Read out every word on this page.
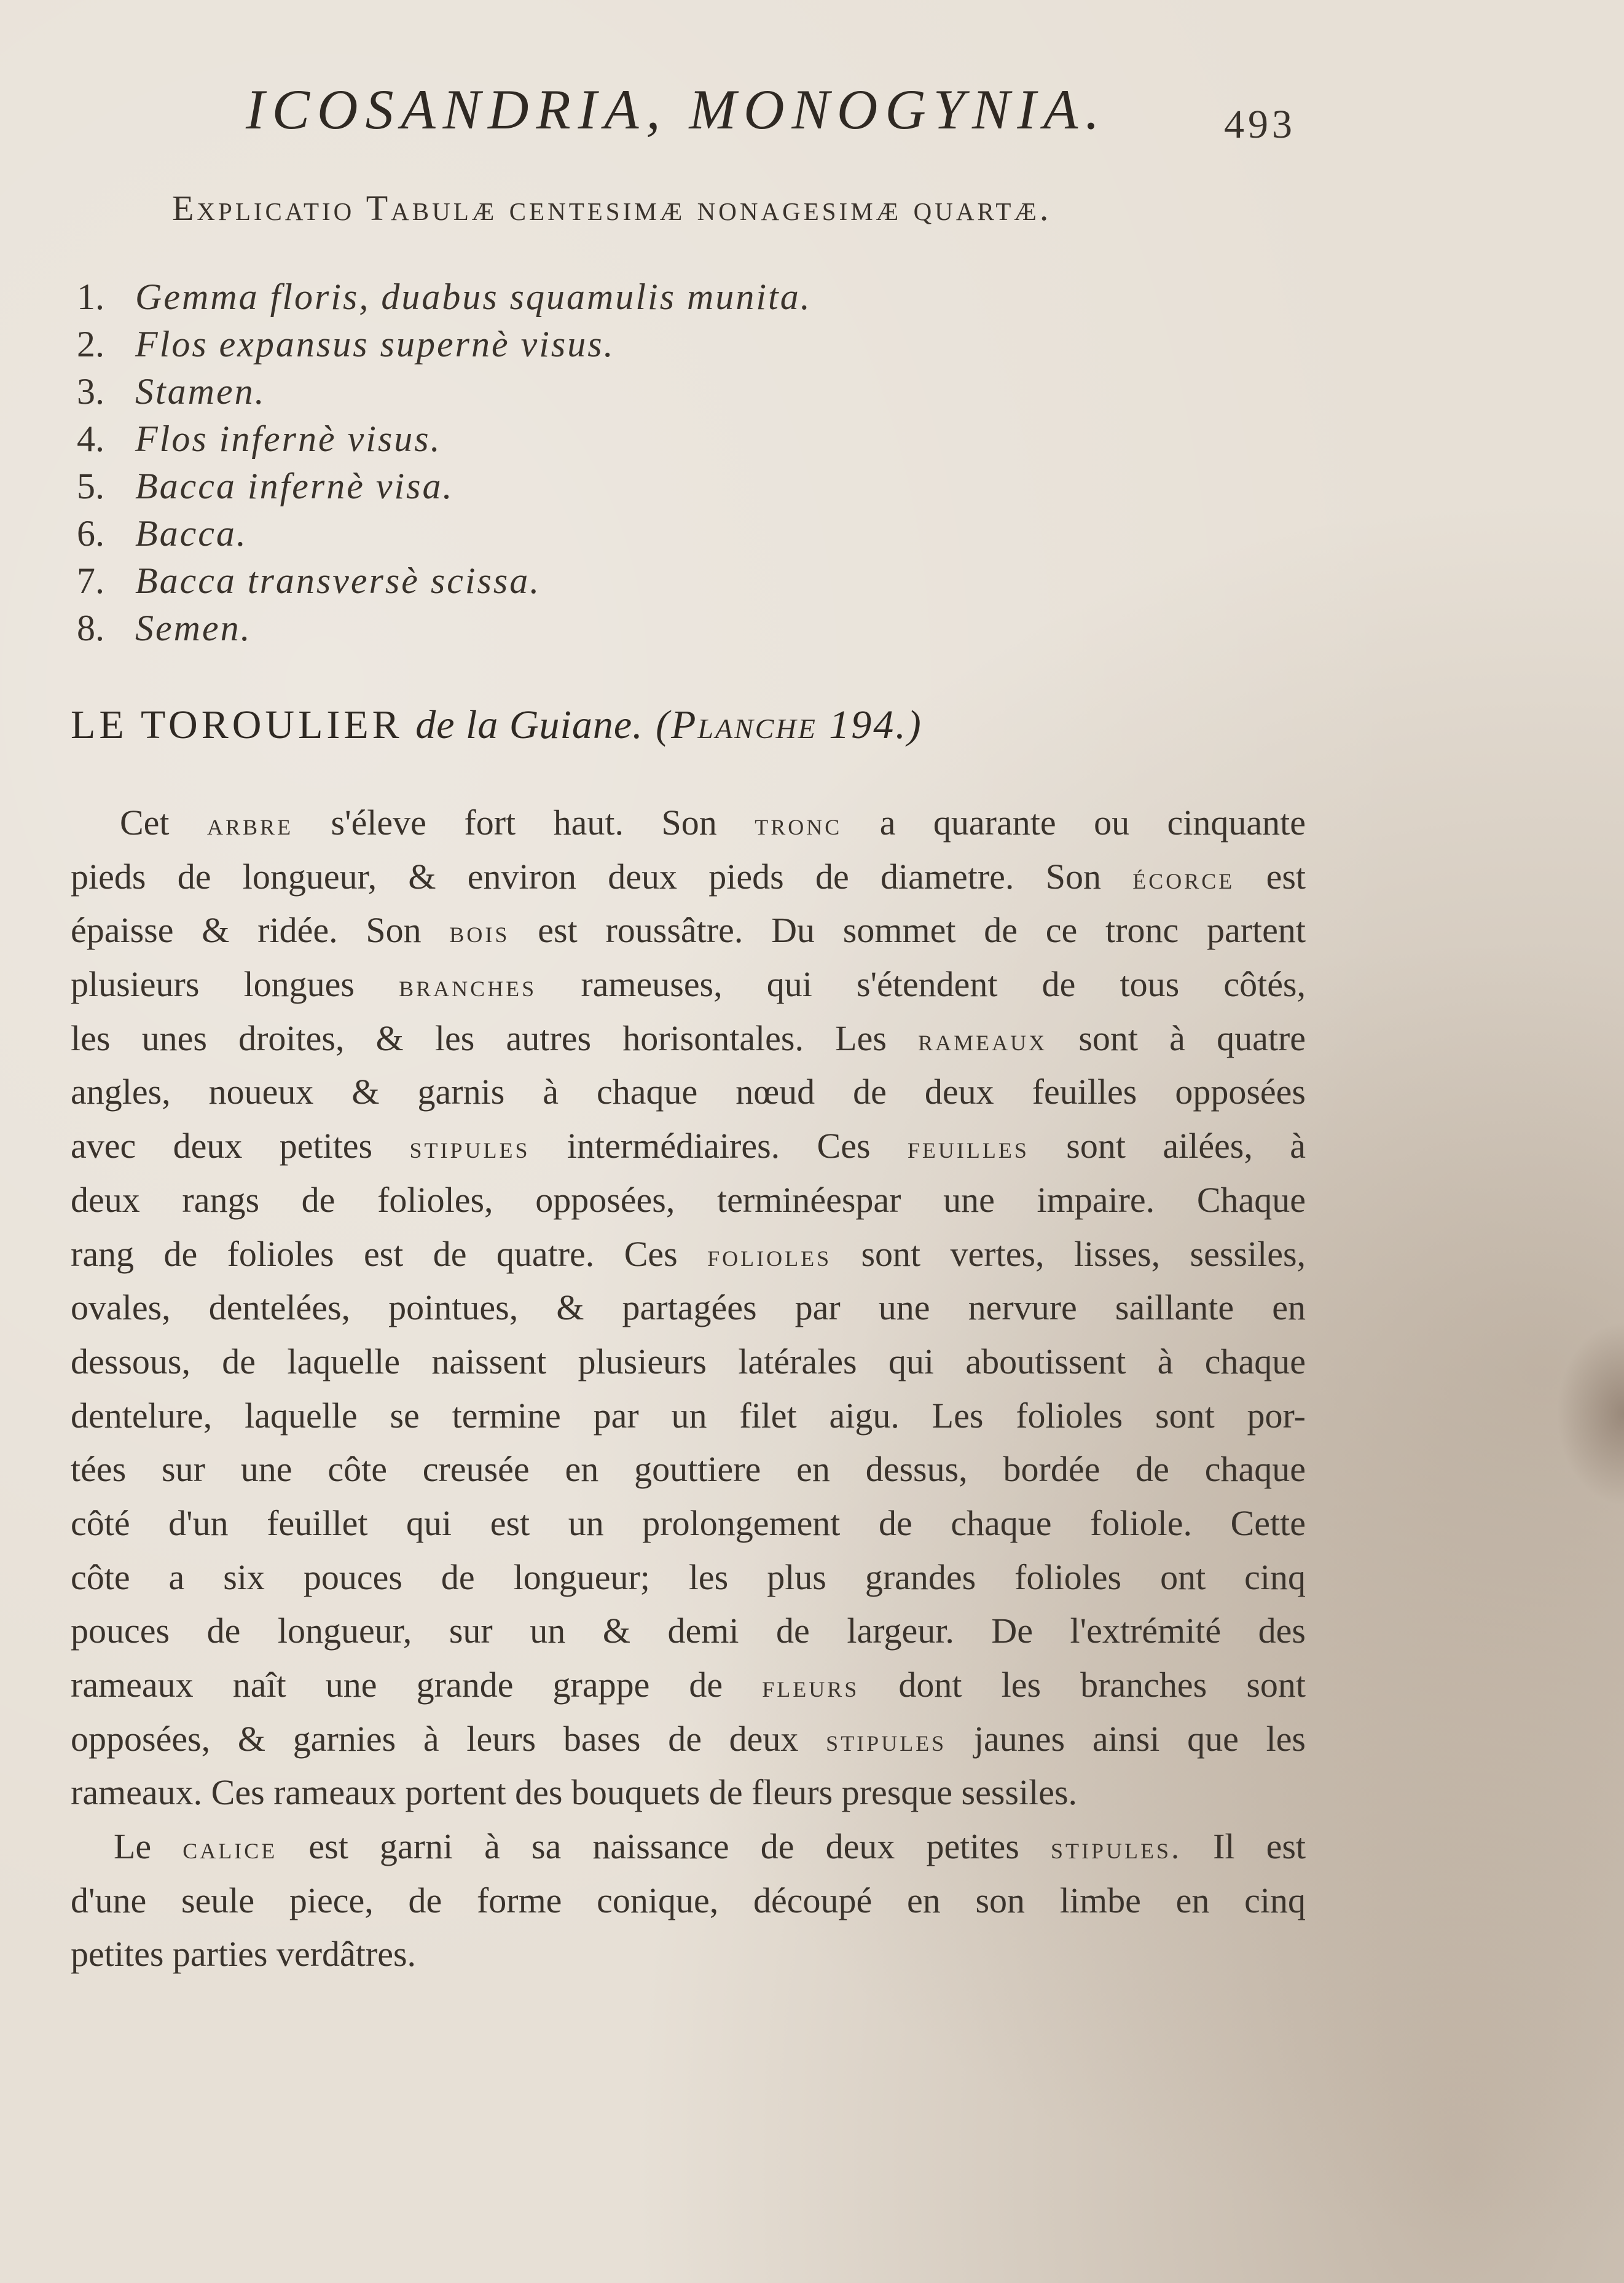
ICOSANDRIA, MONOGYNIA.	493
Explicatio Tabulæ centesimæ nonagesimæ quartæ.
1. Gemma floris, duabus squamulis munita.
2. Flos expansus supernè visus.
3. Stamen.
4. Flos infernè visus.
5. Bacca infernè visa.
6. Bacca.
7. Bacca transversè scissa.
8. Semen.
LE TOROULIER de la Guiane. (Planche 194.)
Cet arbre s'éleve fort haut. Son tronc a quarante ou cinquante
pieds de longueur, & environ deux pieds de diametre. Son écorce est
épaisse & ridée. Son bois est roussâtre. Du sommet de ce tronc partent
plusieurs longues branches rameuses, qui s'étendent de tous côtés,
les unes droites, & les autres horisontales. Les rameaux sont à quatre
angles, noueux & garnis à chaque nœud de deux feuilles opposées
avec deux petites stipules intermédiaires. Ces feuilles sont ailées, à
deux rangs de folioles, opposées, terminéespar une impaire. Chaque
rang de folioles est de quatre. Ces folioles sont vertes, lisses, sessiles,
ovales, dentelées, pointues, & partagées par une nervure saillante en
dessous, de laquelle naissent plusieurs latérales qui aboutissent à chaque
dentelure, laquelle se termine par un filet aigu. Les folioles sont por-
tées sur une côte creusée en gouttiere en dessus, bordée de chaque
côté d'un feuillet qui est un prolongement de chaque foliole. Cette
côte a six pouces de longueur; les plus grandes folioles ont cinq
pouces de longueur, sur un & demi de largeur. De l'extrémité des
rameaux naît une grande grappe de fleurs dont les branches sont
opposées, & garnies à leurs bases de deux stipules jaunes ainsi que les
rameaux. Ces rameaux portent des bouquets de fleurs presque sessiles.
Le calice est garni à sa naissance de deux petites stipules. Il est
d'une seule piece, de forme conique, découpé en son limbe en cinq
petites parties verdâtres.
